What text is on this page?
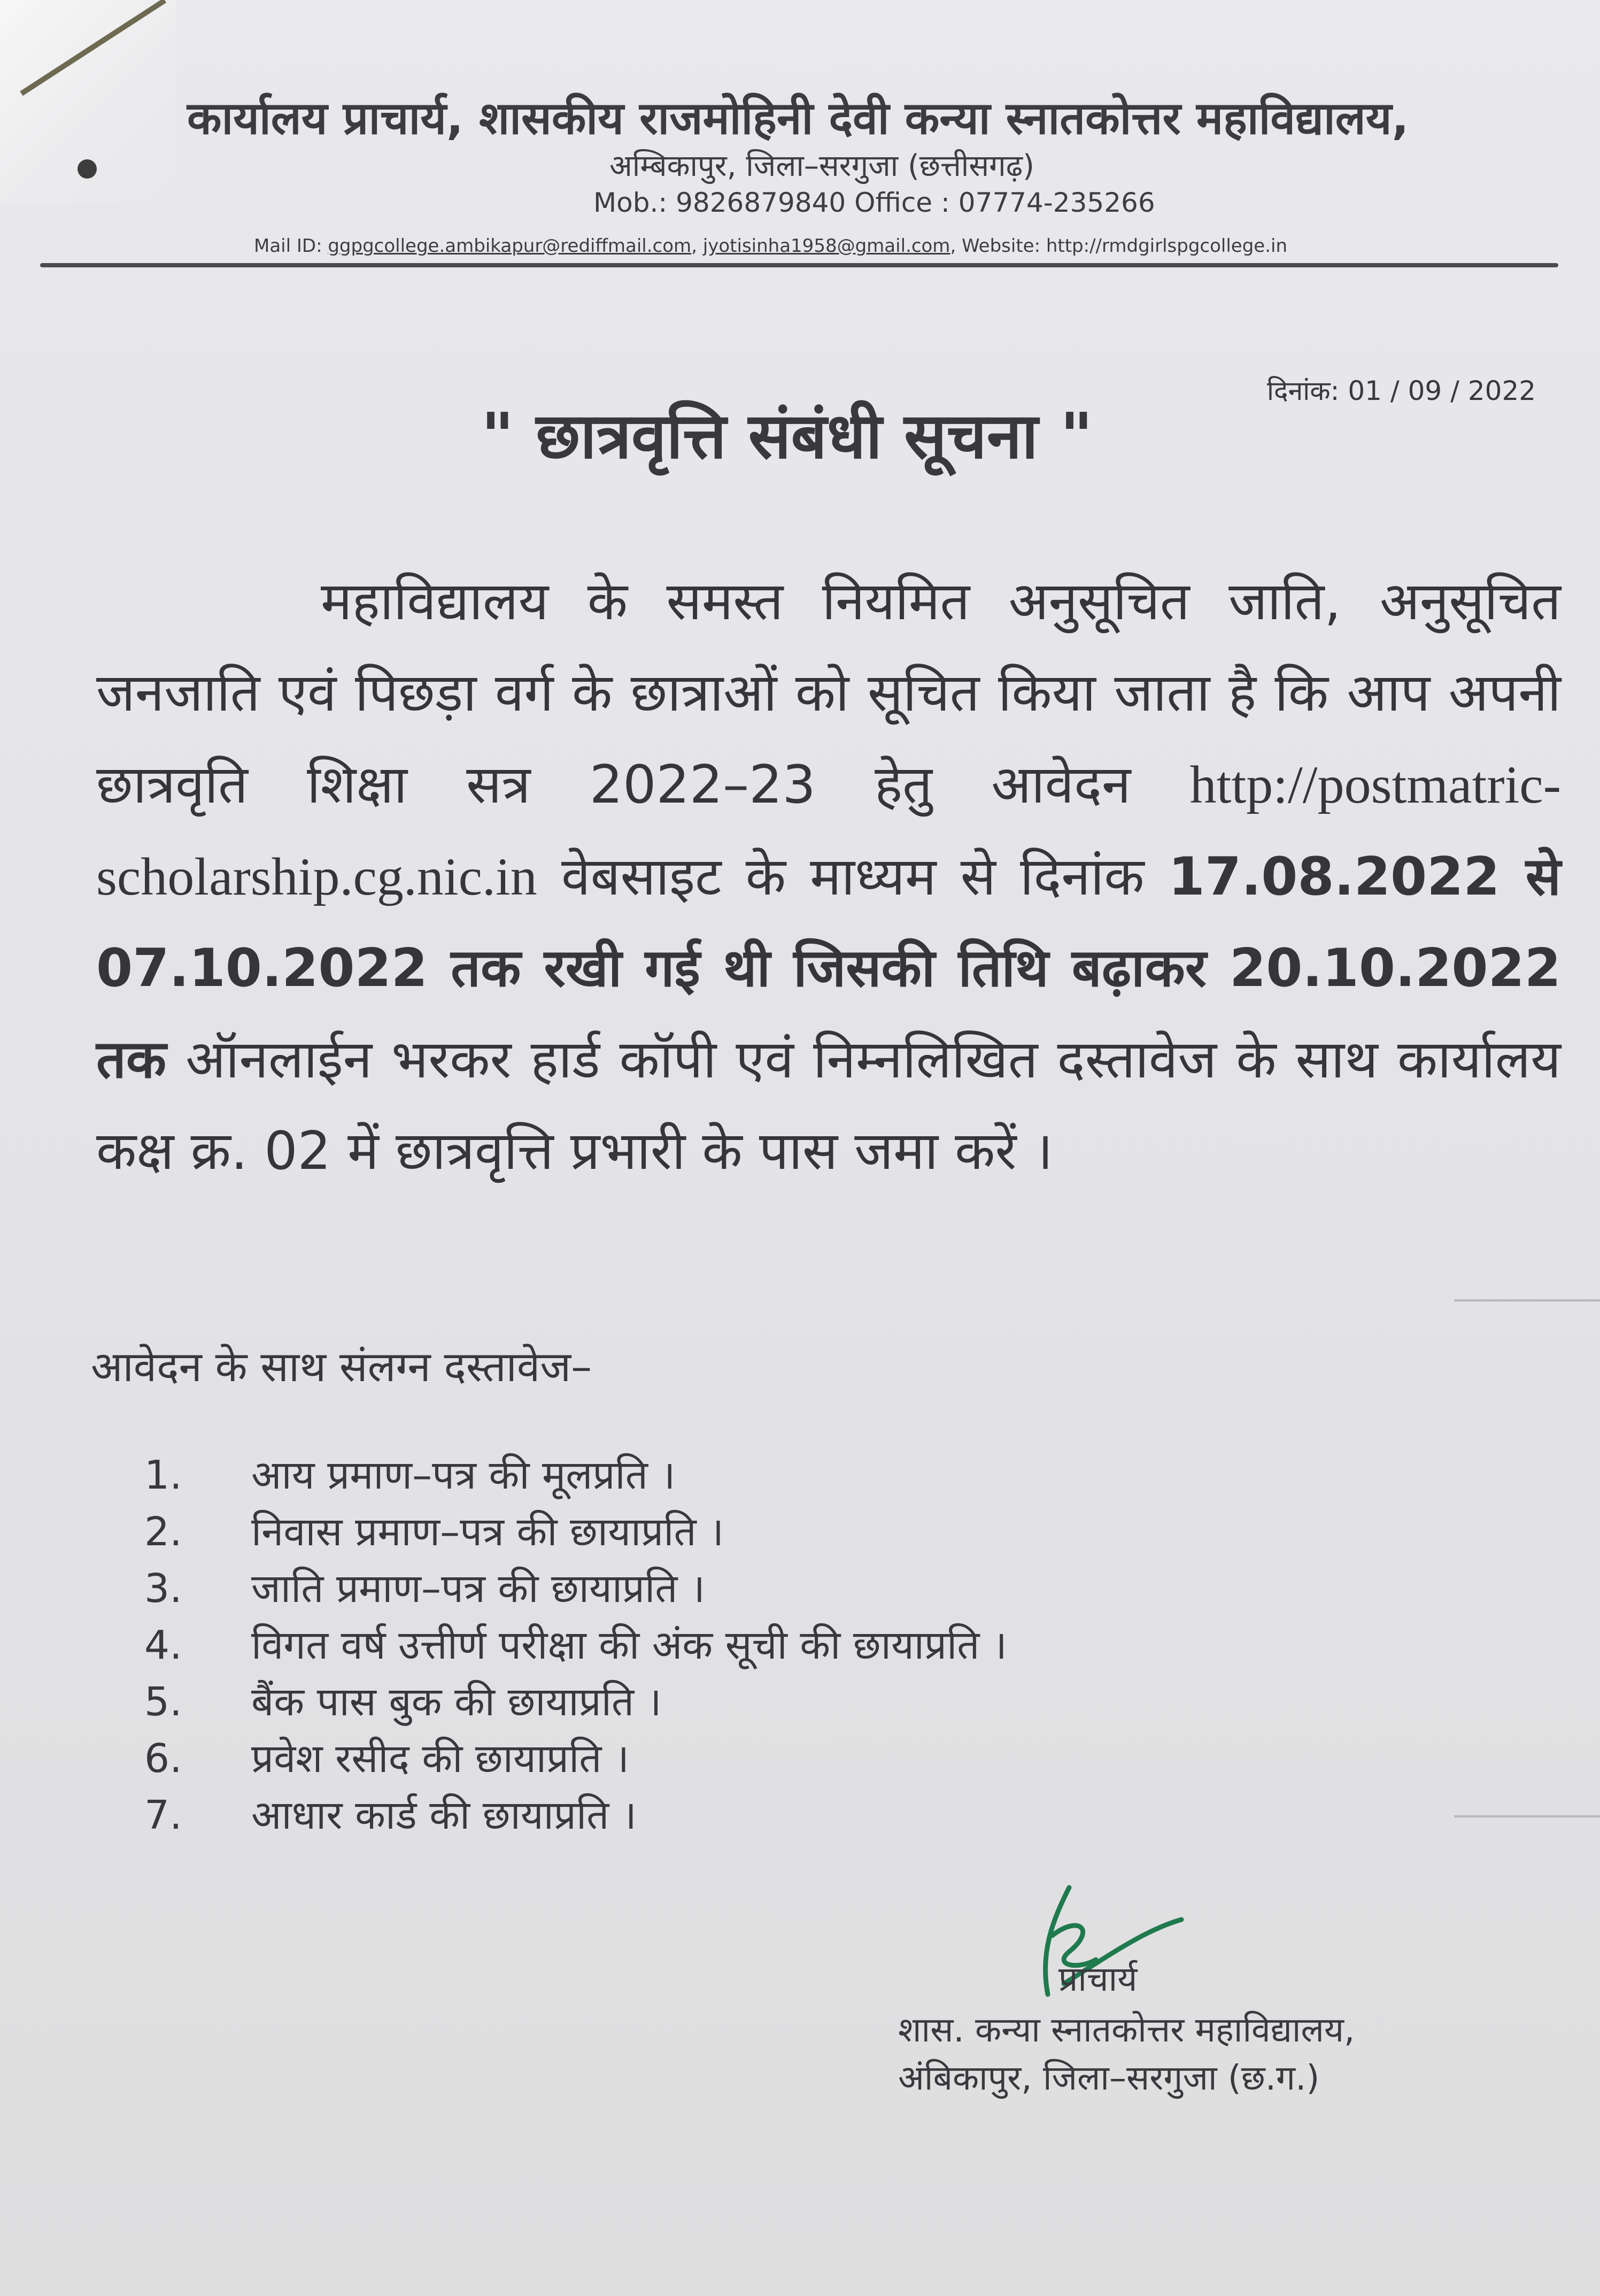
कार्यालय प्राचार्य, शासकीय राजमोहिनी देवी कन्या स्नातकोत्तर महाविद्यालय,
अम्बिकापुर, जिला–सरगुजा (छत्तीसगढ़)
Mob.: 9826879840 Office : 07774-235266
Mail ID: ggpgcollege.ambikapur@rediffmail.com, jyotisinha1958@gmail.com, Website: http://rmdgirlspgcollege.in
दिनांक: 01 / 09 / 2022
" छात्रवृत्ति संबंधी सूचना "
महाविद्यालय के समस्त नियमित अनुसूचित जाति, अनुसूचित जनजाति एवं पिछड़ा वर्ग के छात्राओं को सूचित किया जाता है कि आप अपनी छात्रवृति शिक्षा सत्र 2022–23 हेतु आवेदन http://postmatric-scholarship.cg.nic.in वेबसाइट के माध्यम से दिनांक 17.08.2022 से 07.10.2022 तक रखी गई थी जिसकी तिथि बढ़ाकर 20.10.2022 तक ऑनलाईन भरकर हार्ड कॉपी एवं निम्नलिखित दस्तावेज के साथ कार्यालय कक्ष क्र. 02 में छात्रवृत्ति प्रभारी के पास जमा करें ।
आवेदन के साथ संलग्न दस्तावेज–
1. आय प्रमाण–पत्र की मूलप्रति ।
2. निवास प्रमाण–पत्र की छायाप्रति ।
3. जाति प्रमाण–पत्र की छायाप्रति ।
4. विगत वर्ष उत्तीर्ण परीक्षा की अंक सूची की छायाप्रति ।
5. बैंक पास बुक की छायाप्रति ।
6. प्रवेश रसीद की छायाप्रति ।
7. आधार कार्ड की छायाप्रति ।
प्राचार्य
शास. कन्या स्नातकोत्तर महाविद्यालय,
अंबिकापुर, जिला–सरगुजा (छ.ग.)
